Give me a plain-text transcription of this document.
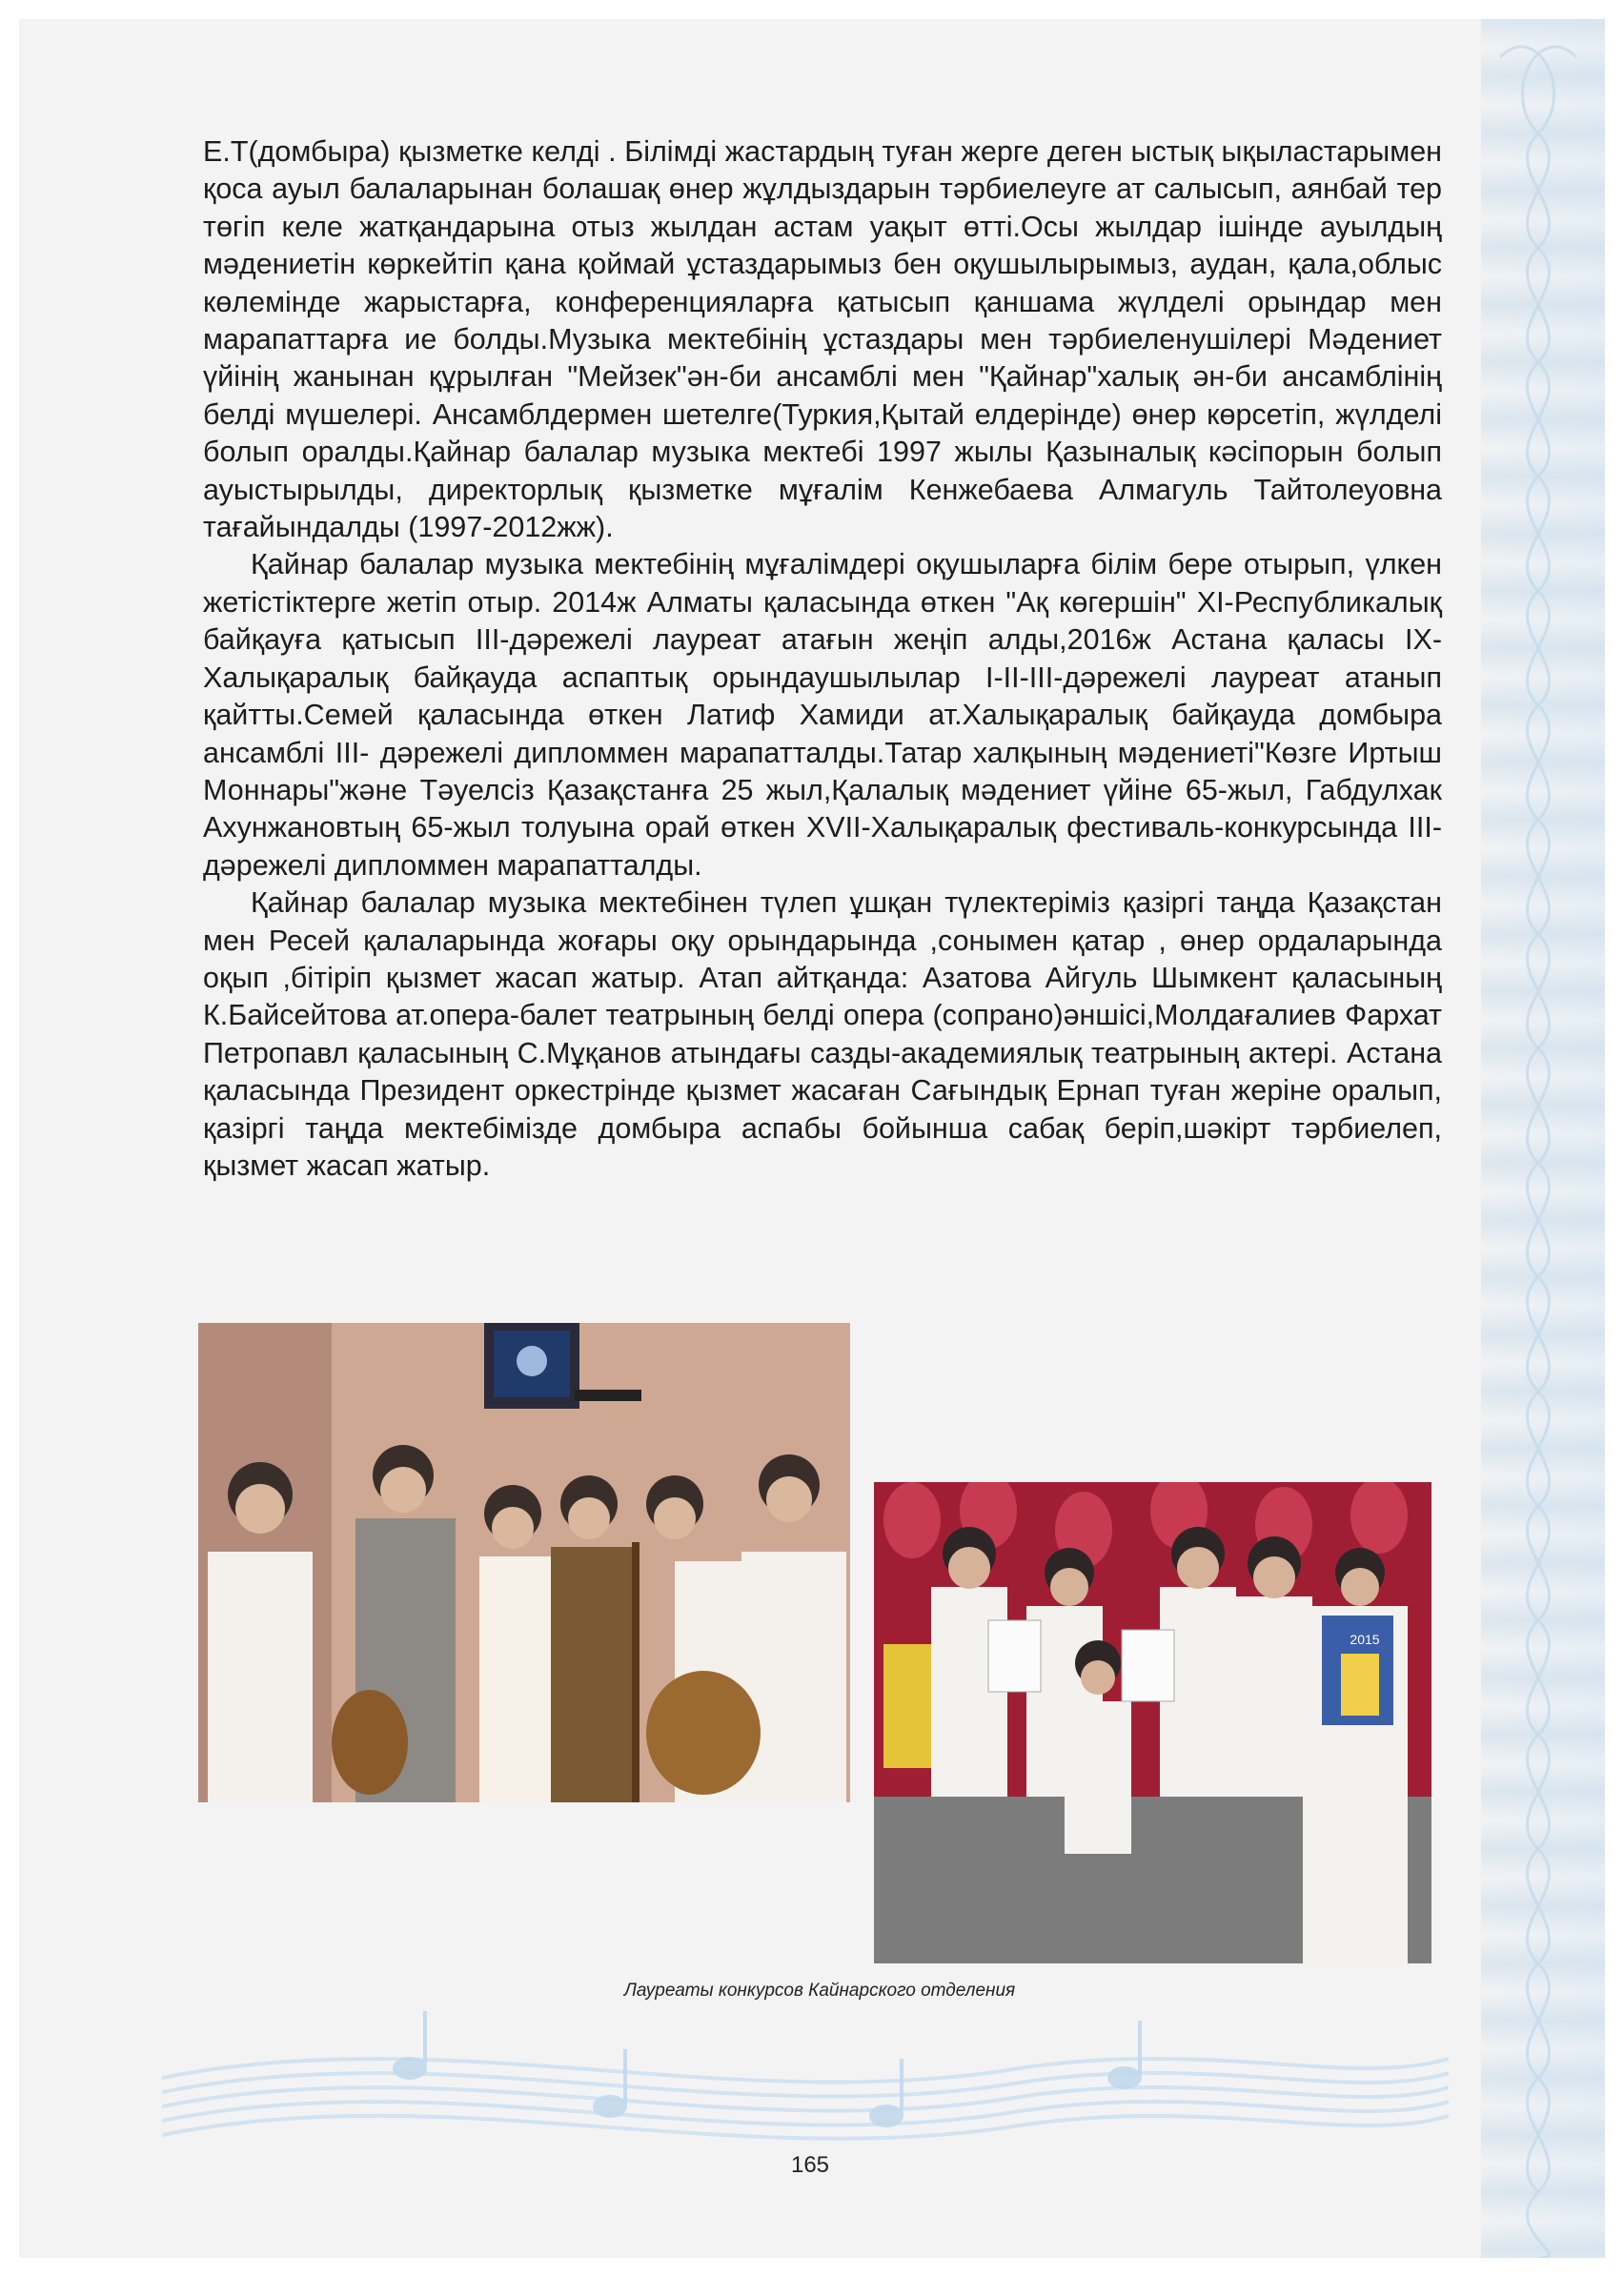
Е.Т(домбыра) қызметке келді . Білімді жастардың туған жерге деген ыстық ықыластарымен қоса ауыл балаларынан болашақ өнер жұлдыздарын тәрбиелеуге ат салысып, аянбай тер төгіп келе жатқандарына отыз жылдан астам уақыт өтті.Осы жылдар ішінде ауылдың мәдениетін көркейтіп қана қоймай ұстаздарымыз бен оқушылырымыз, аудан, қала,облыс көлемінде жарыстарға, конференцияларға қатысып қаншама жүлделі орындар мен марапаттарға ие болды.Музыка мектебінің ұстаздары мен тәрбиеленушілері Мәдениет үйінің жанынан құрылған "Мейзек"ән-би ансамблі мен "Қайнар"халық ән-би ансамблінің белді мүшелері. Ансамблдермен шетелге(Туркия,Қытай елдерінде) өнер көрсетіп, жүлделі болып оралды.Қайнар балалар музыка мектебі 1997 жылы Қазыналық кәсіпорын болып ауыстырылды, директорлық қызметке мұғалім Кенжебаева Алмагуль Тайтолеуовна тағайындалды (1997-2012жж).

Қайнар балалар музыка мектебінің мұғалімдері оқушыларға білім бере отырып, үлкен жетістіктерге жетіп отыр. 2014ж Алматы қаласында өткен "Ақ көгершін" XI-Республикалық байқауға қатысып III-дәрежелі лауреат атағын жеңіп алды,2016ж Астана қаласы IX-Халықаралық байқауда аспаптық орындаушылылар I-II-III-дәрежелі лауреат атанып қайтты.Семей қаласында өткен Латиф Хамиди ат.Халықаралық байқауда домбыра ансамблі III- дәрежелі дипломмен марапатталды.Татар халқының мәдениеті"Көзге Иртыш Моннары"және Тәуелсіз Қазақстанға 25 жыл,Қалалық мәдениет үйіне 65-жыл, Габдулхак Ахунжановтың 65-жыл толуына орай өткен XVII-Халықаралық фестиваль-конкурсында III-дәрежелі дипломмен марапатталды.

Қайнар балалар музыка мектебінен түлеп ұшқан түлектеріміз қазіргі таңда Қазақстан мен Ресей қалаларында жоғары оқу орындарында ,сонымен қатар , өнер ордаларында оқып ,бітіріп қызмет жасап жатыр. Атап айтқанда: Азатова Айгуль Шымкент қаласының К.Байсейтова ат.опера-балет театрының белді опера (сопрано)әншісі,Молдағалиев Фархат Петропавл қаласының С.Мұқанов атындағы сазды-академиялық театрының актері. Астана қаласында Президент оркестрінде қызмет жасаған Сағындық Ернап туған жеріне оралып, қазіргі таңда мектебімізде домбыра аспабы бойынша сабақ беріп,шәкірт тәрбиелеп, қызмет жасап жатыр.

2015
Лауреаты конкурсов Кайнарского отделения
165
